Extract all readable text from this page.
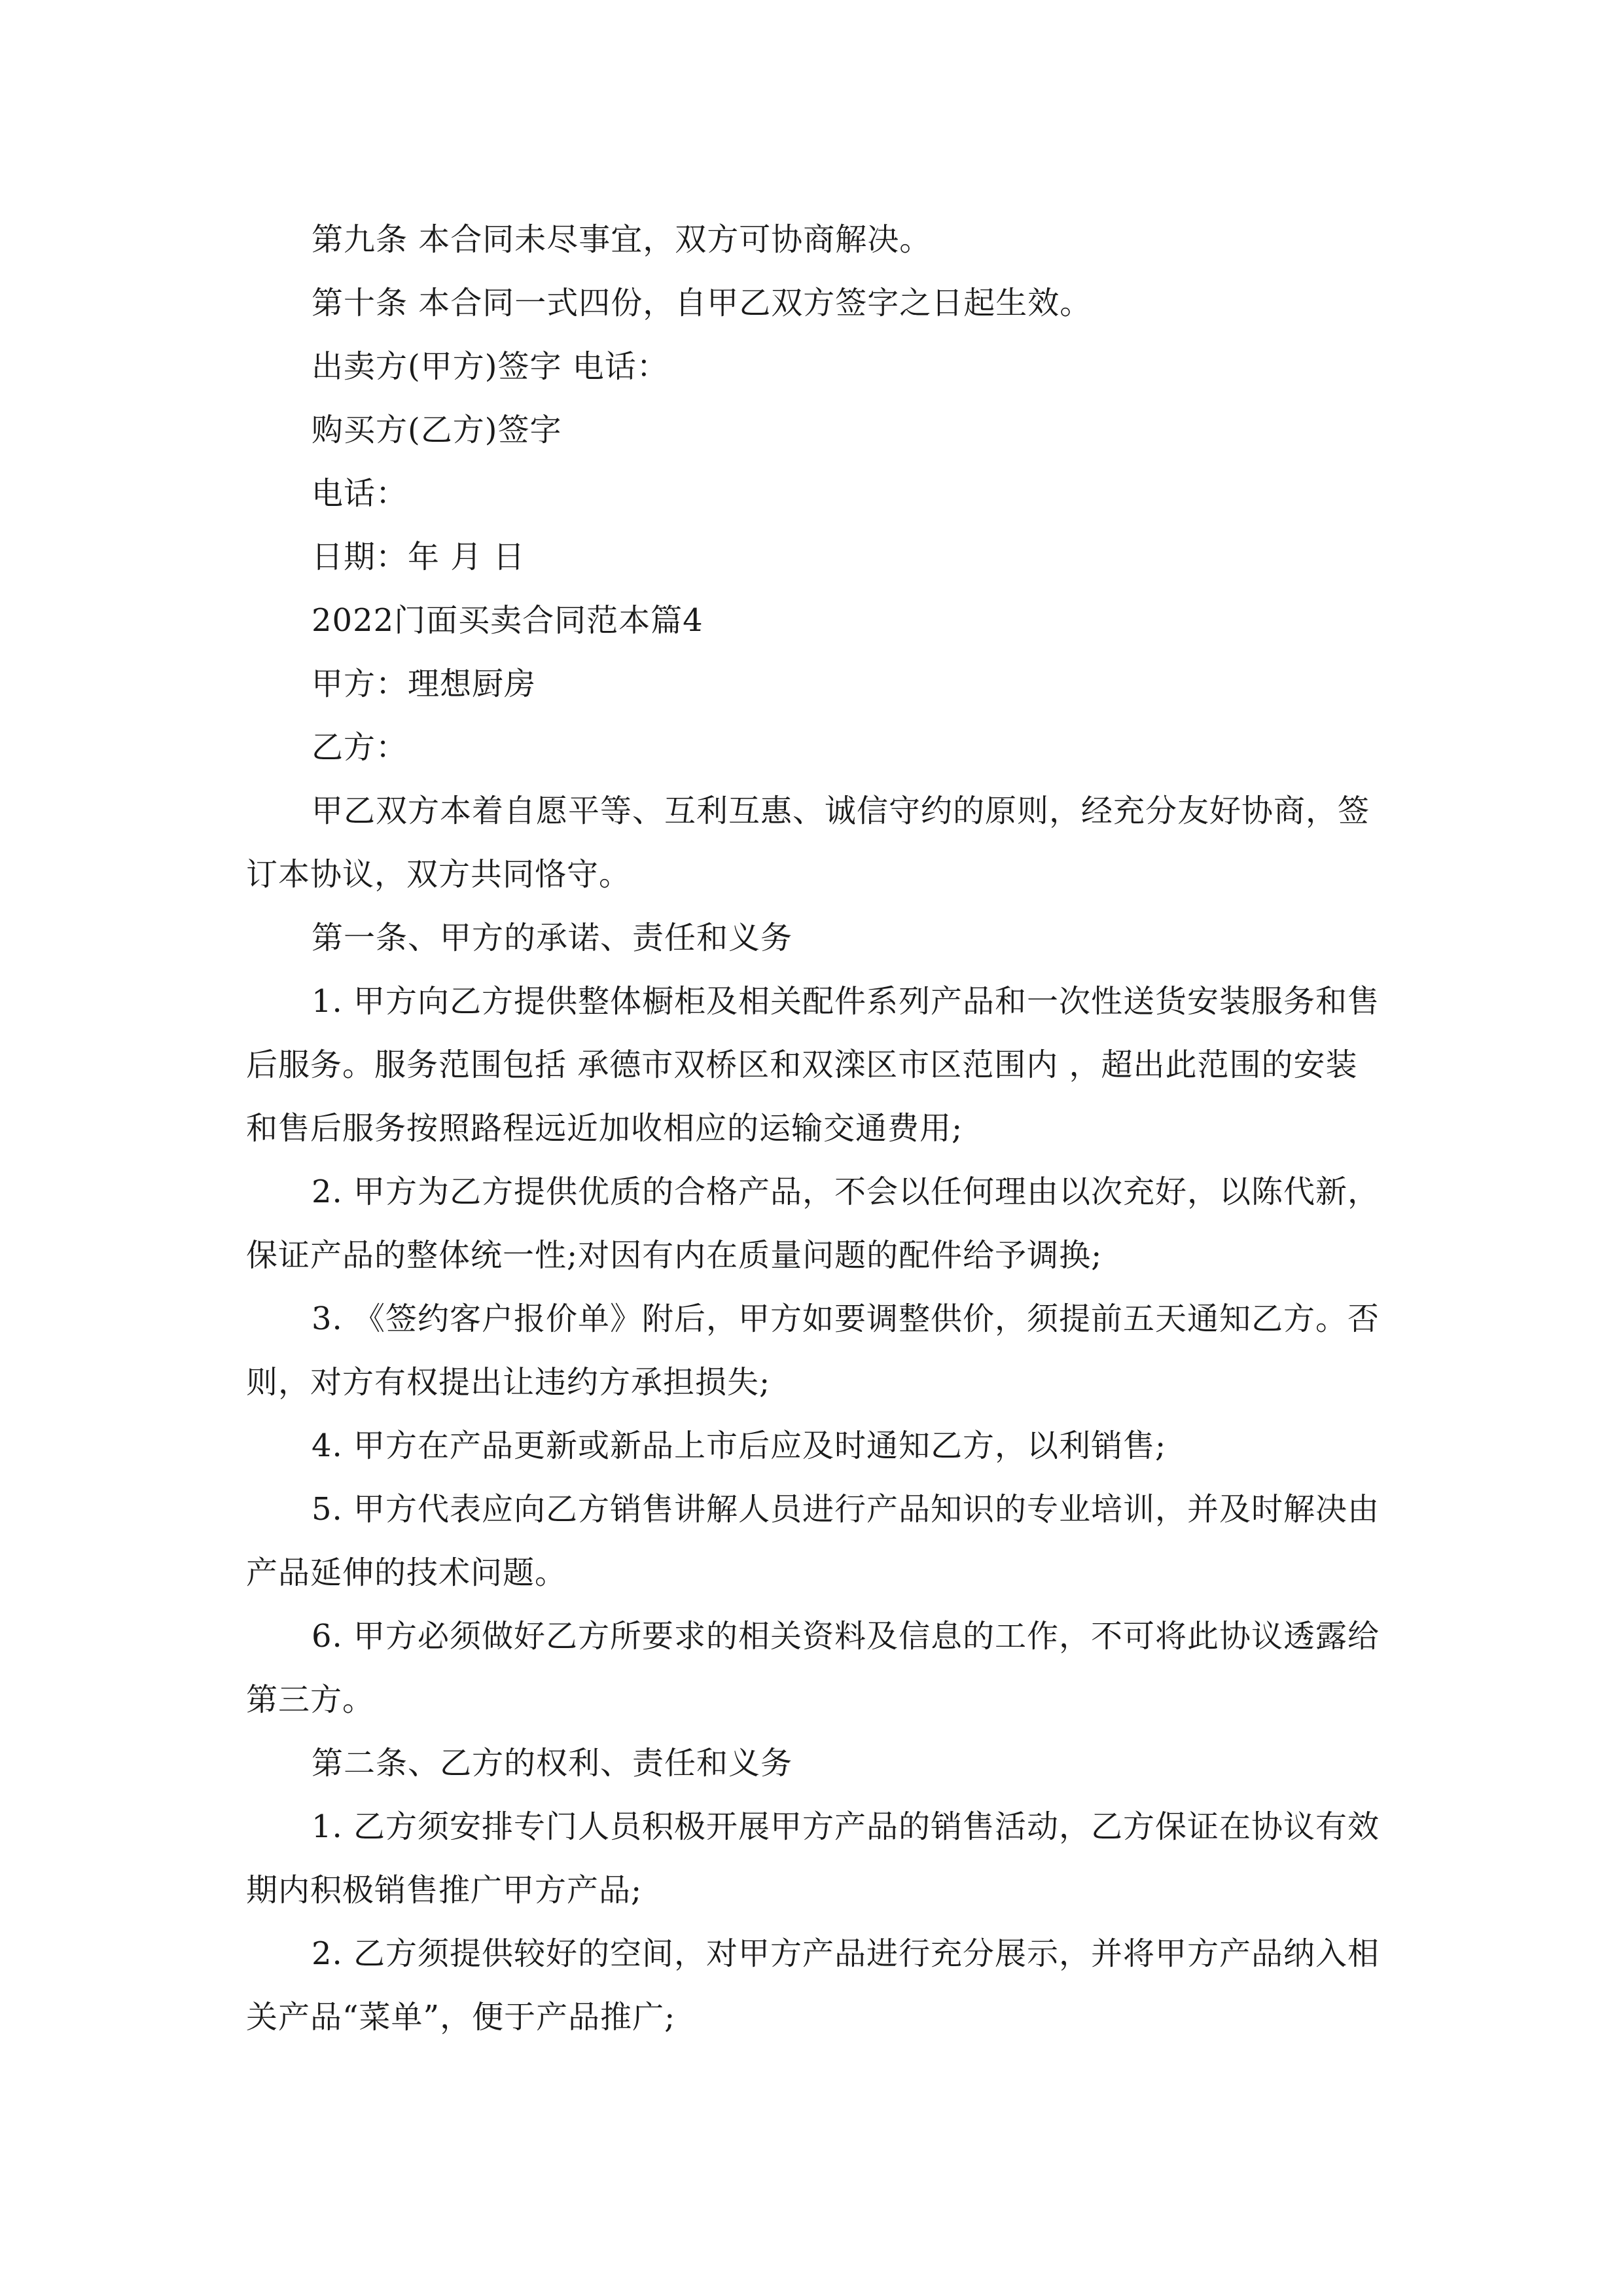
第九条 本合同未尽事宜，双方可协商解决。

第十条 本合同一式四份，自甲乙双方签字之日起生效。

出卖方(甲方)签字 电话：

购买方(乙方)签字

电话：

日期：年 月 日

2022门面买卖合同范本篇4

甲方：理想厨房

乙方：

甲乙双方本着自愿平等、互利互惠、诚信守约的原则，经充分友好协商，签订本协议，双方共同恪守。

第一条、甲方的承诺、责任和义务

1. 甲方向乙方提供整体橱柜及相关配件系列产品和一次性送货安装服务和售后服务。服务范围包括 承德市双桥区和双滦区市区范围内 ，超出此范围的安装和售后服务按照路程远近加收相应的运输交通费用;

2. 甲方为乙方提供优质的合格产品，不会以任何理由以次充好，以陈代新，保证产品的整体统一性;对因有内在质量问题的配件给予调换;

3. 《签约客户报价单》附后，甲方如要调整供价，须提前五天通知乙方。否则，对方有权提出让违约方承担损失;

4. 甲方在产品更新或新品上市后应及时通知乙方，以利销售;

5. 甲方代表应向乙方销售讲解人员进行产品知识的专业培训，并及时解决由产品延伸的技术问题。

6. 甲方必须做好乙方所要求的相关资料及信息的工作，不可将此协议透露给第三方。

第二条、乙方的权利、责任和义务

1. 乙方须安排专门人员积极开展甲方产品的销售活动，乙方保证在协议有效期内积极销售推广甲方产品;

2. 乙方须提供较好的空间，对甲方产品进行充分展示，并将甲方产品纳入相关产品“菜单”，便于产品推广;
